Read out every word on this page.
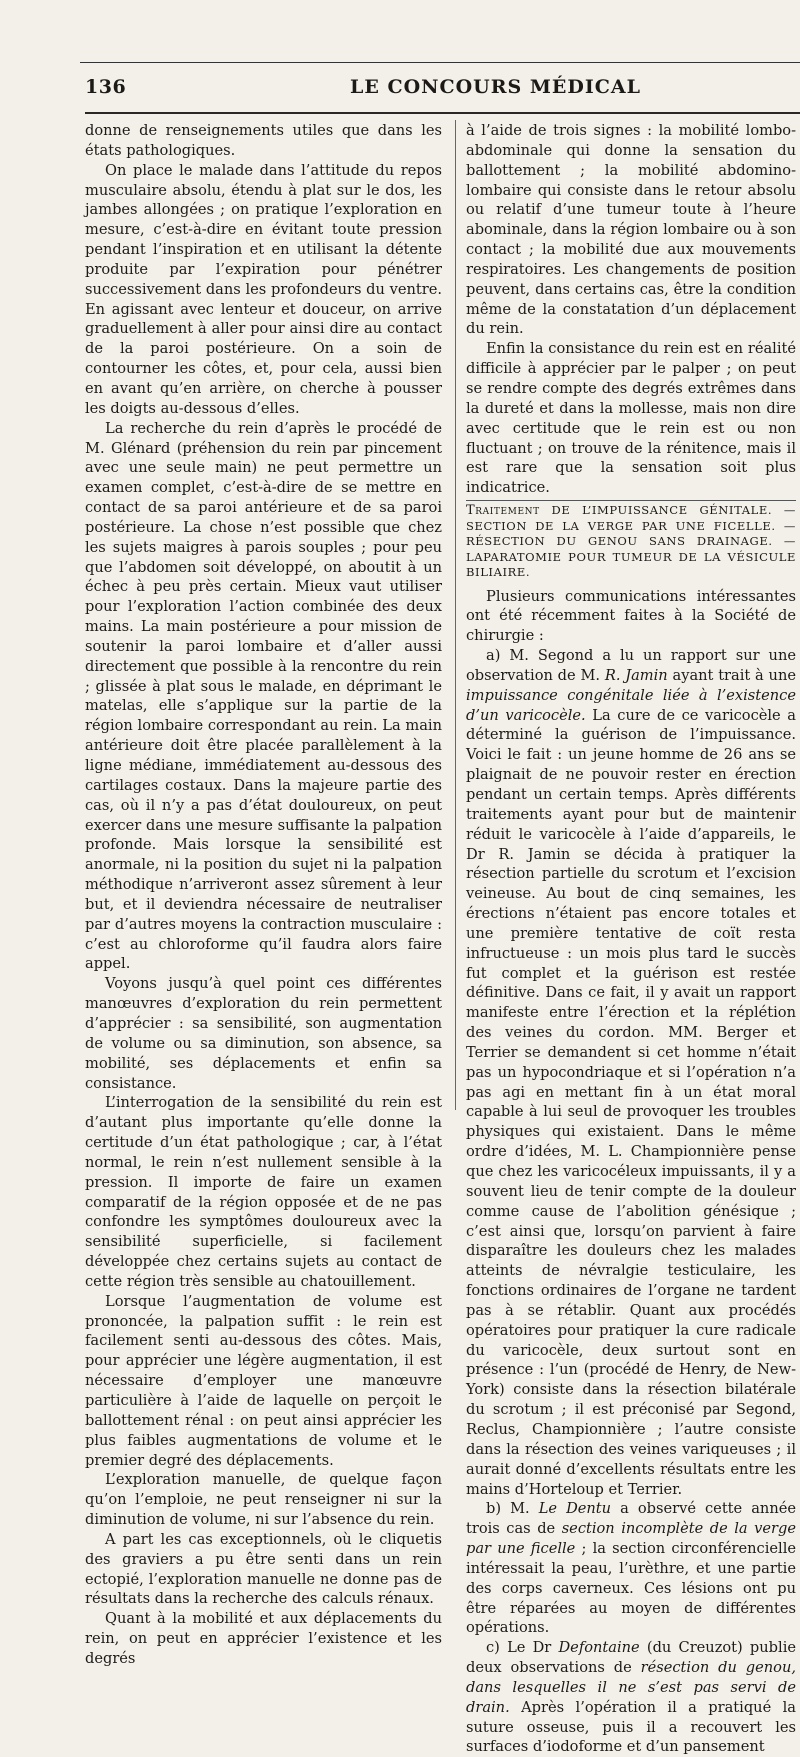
136	LE CONCOURS MÉDICAL

donne de renseignements utiles que dans les états pathologiques.

On place le malade dans l’attitude du repos musculaire absolu, étendu à plat sur le dos, les jambes allongées ; on pratique l’exploration en mesure, c’est-à-dire en évitant toute pression pendant l’inspiration et en utilisant la détente produite par l’expiration pour pénétrer successivement dans les profondeurs du ventre. En agissant avec lenteur et douceur, on arrive graduellement à aller pour ainsi dire au contact de la paroi postérieure. On a soin de contourner les côtes, et, pour cela, aussi bien en avant qu’en arrière, on cherche à pousser les doigts au-dessous d’elles.

La recherche du rein d’après le procédé de M. Glénard (préhension du rein par pincement avec une seule main) ne peut permettre un examen complet, c’est-à-dire de se mettre en contact de sa paroi antérieure et de sa paroi postérieure. La chose n’est possible que chez les sujets maigres à parois souples ; pour peu que l’abdomen soit développé, on aboutit à un échec à peu près certain. Mieux vaut utiliser pour l’exploration l’action combinée des deux mains. La main postérieure a pour mission de soutenir la paroi lombaire et d’aller aussi directement que possible à la rencontre du rein ; glissée à plat sous le malade, en déprimant le matelas, elle s’applique sur la partie de la région lombaire correspondant au rein. La main antérieure doit être placée parallèlement à la ligne médiane, immédiatement au-dessous des cartilages costaux. Dans la majeure partie des cas, où il n’y a pas d’état douloureux, on peut exercer dans une mesure suffisante la palpation profonde. Mais lorsque la sensibilité est anormale, ni la position du sujet ni la palpation méthodique n’arriveront assez sûrement à leur but, et il deviendra nécessaire de neutraliser par d’autres moyens la contraction musculaire : c’est au chloroforme qu’il faudra alors faire appel.

Voyons jusqu’à quel point ces différentes manœuvres d’exploration du rein permettent d’apprécier : sa sensibilité, son augmentation de volume ou sa diminution, son absence, sa mobilité, ses déplacements et enfin sa consistance.

L’interrogation de la sensibilité du rein est d’autant plus importante qu’elle donne la certitude d’un état pathologique ; car, à l’état normal, le rein n’est nullement sensible à la pression. Il importe de faire un examen comparatif de la région opposée et de ne pas confondre les symptômes douloureux avec la sensibilité superficielle, si facilement développée chez certains sujets au contact de cette région très sensible au chatouillement.

Lorsque l’augmentation de volume est prononcée, la palpation suffit : le rein est facilement senti au-dessous des côtes. Mais, pour apprécier une légère augmentation, il est nécessaire d’employer une manœuvre particulière à l’aide de laquelle on perçoit le ballottement rénal : on peut ainsi apprécier les plus faibles augmentations de volume et le premier degré des déplacements.

L’exploration manuelle, de quelque façon qu’on l’emploie, ne peut renseigner ni sur la diminution de volume, ni sur l’absence du rein.

A part les cas exceptionnels, où le cliquetis des graviers a pu être senti dans un rein ectopié, l’exploration manuelle ne donne pas de résultats dans la recherche des calculs rénaux.

Quant à la mobilité et aux déplacements du rein, on peut en apprécier l’existence et les degrés

à l’aide de trois signes : la mobilité lombo-abdominale qui donne la sensation du ballottement ; la mobilité abdomino-lombaire qui consiste dans le retour absolu ou relatif d’une tumeur toute à l’heure abominale, dans la région lombaire ou à son contact ; la mobilité due aux mouvements respiratoires. Les changements de position peuvent, dans certains cas, être la condition même de la constatation d’un déplacement du rein.

Enfin la consistance du rein est en réalité difficile à apprécier par le palper ; on peut se rendre compte des degrés extrêmes dans la dureté et dans la mollesse, mais non dire avec certitude que le rein est ou non fluctuant ; on trouve de la rénitence, mais il est rare que la sensation soit plus indicatrice.

Traitement DE L’IMPUISSANCE GÉNITALE. — SECTION DE LA VERGE PAR UNE FICELLE. — RÉSECTION DU GENOU SANS DRAINAGE. — LAPARATOMIE POUR TUMEUR DE LA VÉSICULE BILIAIRE.

Plusieurs communications intéressantes ont été récemment faites à la Société de chirurgie :

a) M. Segond a lu un rapport sur une observation de M. R. Jamin ayant trait à une impuissance congénitale liée à l’existence d’un varicocèle. La cure de ce varicocèle a déterminé la guérison de l’impuissance. Voici le fait : un jeune homme de 26 ans se plaignait de ne pouvoir rester en érection pendant un certain temps. Après différents traitements ayant pour but de maintenir réduit le varicocèle à l’aide d’appareils, le Dr R. Jamin se décida à pratiquer la résection partielle du scrotum et l’excision veineuse. Au bout de cinq semaines, les érections n’étaient pas encore totales et une première tentative de coït resta infructueuse : un mois plus tard le succès fut complet et la guérison est restée définitive. Dans ce fait, il y avait un rapport manifeste entre l’érection et la réplétion des veines du cordon. MM. Berger et Terrier se demandent si cet homme n’était pas un hypocondriaque et si l’opération n’a pas agi en mettant fin à un état moral capable à lui seul de provoquer les troubles physiques qui existaient. Dans le même ordre d’idées, M. L. Championnière pense que chez les varicocéleux impuissants, il y a souvent lieu de tenir compte de la douleur comme cause de l’abolition génésique ; c’est ainsi que, lorsqu’on parvient à faire disparaître les douleurs chez les malades atteints de névralgie testiculaire, les fonctions ordinaires de l’organe ne tardent pas à se rétablir. Quant aux procédés opératoires pour pratiquer la cure radicale du varicocèle, deux surtout sont en présence : l’un (procédé de Henry, de New-York) consiste dans la résection bilatérale du scrotum ; il est préconisé par Segond, Reclus, Championnière ; l’autre consiste dans la résection des veines variqueuses ; il aurait donné d’excellents résultats entre les mains d’Horteloup et Terrier.

b) M. Le Dentu a observé cette année trois cas de section incomplète de la verge par une ficelle ; la section circonférencielle intéressait la peau, l’urèthre, et une partie des corps caverneux. Ces lésions ont pu être réparées au moyen de différentes opérations.

c) Le Dr Defontaine (du Creuzot) publie deux observations de résection du genou, dans lesquelles il ne s’est pas servi de drain. Après l’opération il a pratiqué la suture osseuse, puis il a recouvert les surfaces d’iodoforme et d’un pansement
